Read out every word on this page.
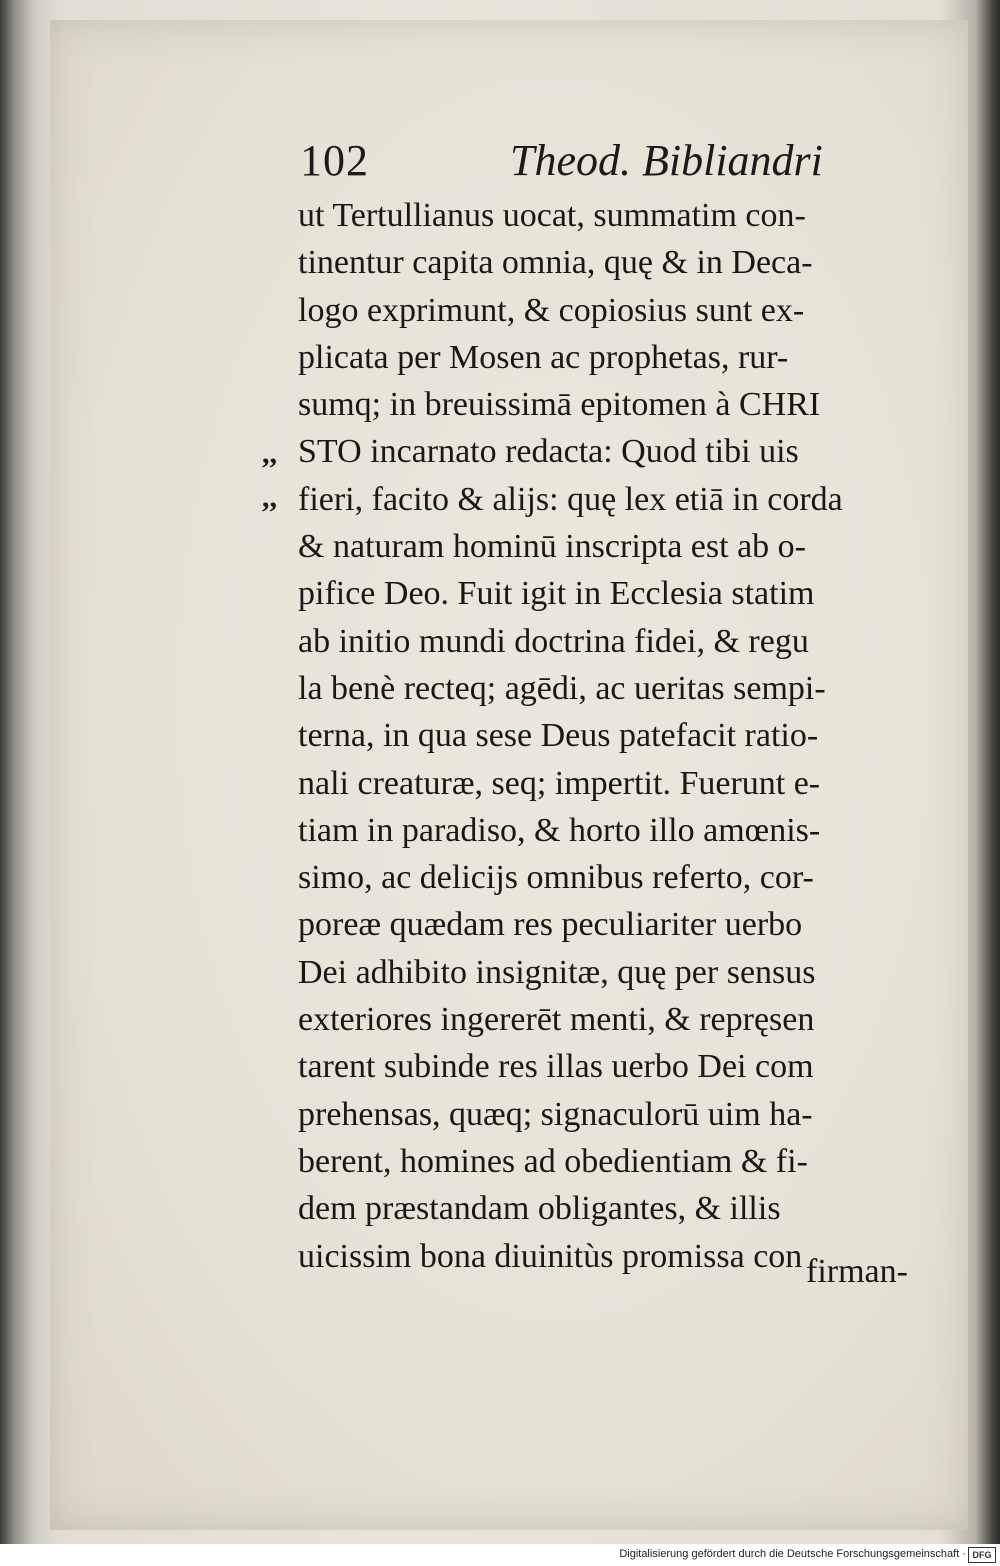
102	Theod. Bibliandri
,,
,,
ut Tertullianus uocat, summatim con-
tinentur capita omnia, quę & in Deca-
logo exprimunt, & copiosius sunt ex-
plicata per Mosen ac prophetas, rur-
sumq; in breuissimā epitomen à CHRI
STO incarnato redacta: Quod tibi uis
fieri, facito & alijs: quę lex etiā in corda
& naturam hominū inscripta est ab o-
pifice Deo. Fuit igit in Ecclesia statim
ab initio mundi doctrina fidei, & regu
la benè recteq; agēdi, ac ueritas sempi-
terna, in qua sese Deus patefacit ratio-
nali creaturæ, seq; impertit. Fuerunt e-
tiam in paradiso, & horto illo amœnis-
simo, ac delicijs omnibus referto, cor-
poreæ quædam res peculiariter uerbo
Dei adhibito insignitæ, quę per sensus
exteriores ingererēt menti, & repręsen
tarent subinde res illas uerbo Dei com
prehensas, quæq; signaculorū uim ha-
berent, homines ad obedientiam & fi-
dem præstandam obligantes, & illis
uicissim bona diuinitùs promissa con firman-
Digitalisierung gefördert durch die Deutsche Forschungsgemeinschaft · DFG
